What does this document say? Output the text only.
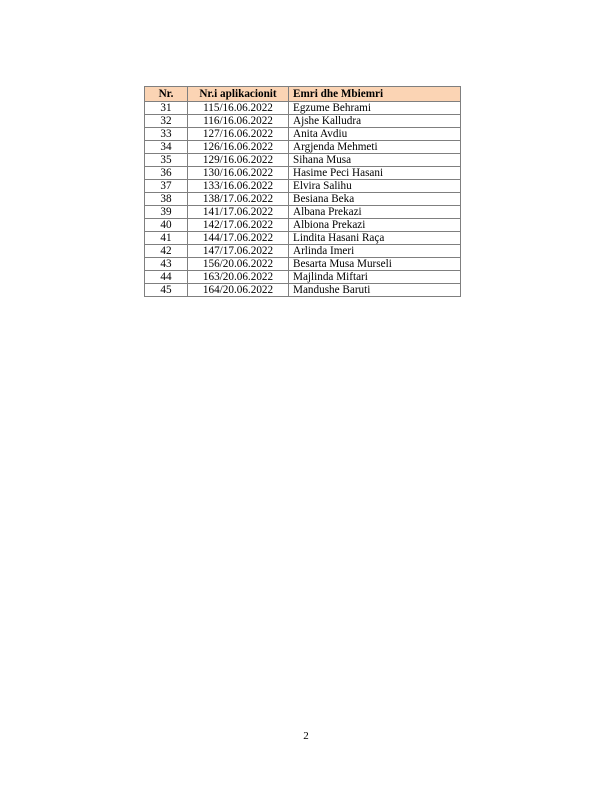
Nr.	Nr.i aplikacionit	Emri dhe Mbiemri
31	115/16.06.2022	Egzume Behrami
32	116/16.06.2022	Ajshe Kalludra
33	127/16.06.2022	Anita Avdiu
34	126/16.06.2022	Argjenda Mehmeti
35	129/16.06.2022	Sihana Musa
36	130/16.06.2022	Hasime Peci Hasani
37	133/16.06.2022	Elvira Salihu
38	138/17.06.2022	Besiana Beka
39	141/17.06.2022	Albana Prekazi
40	142/17.06.2022	Albiona Prekazi
41	144/17.06.2022	Lindita Hasani Raça
42	147/17.06.2022	Arlinda Imeri
43	156/20.06.2022	Besarta Musa Murseli
44	163/20.06.2022	Majlinda Miftari
45	164/20.06.2022	Mandushe Baruti
2
